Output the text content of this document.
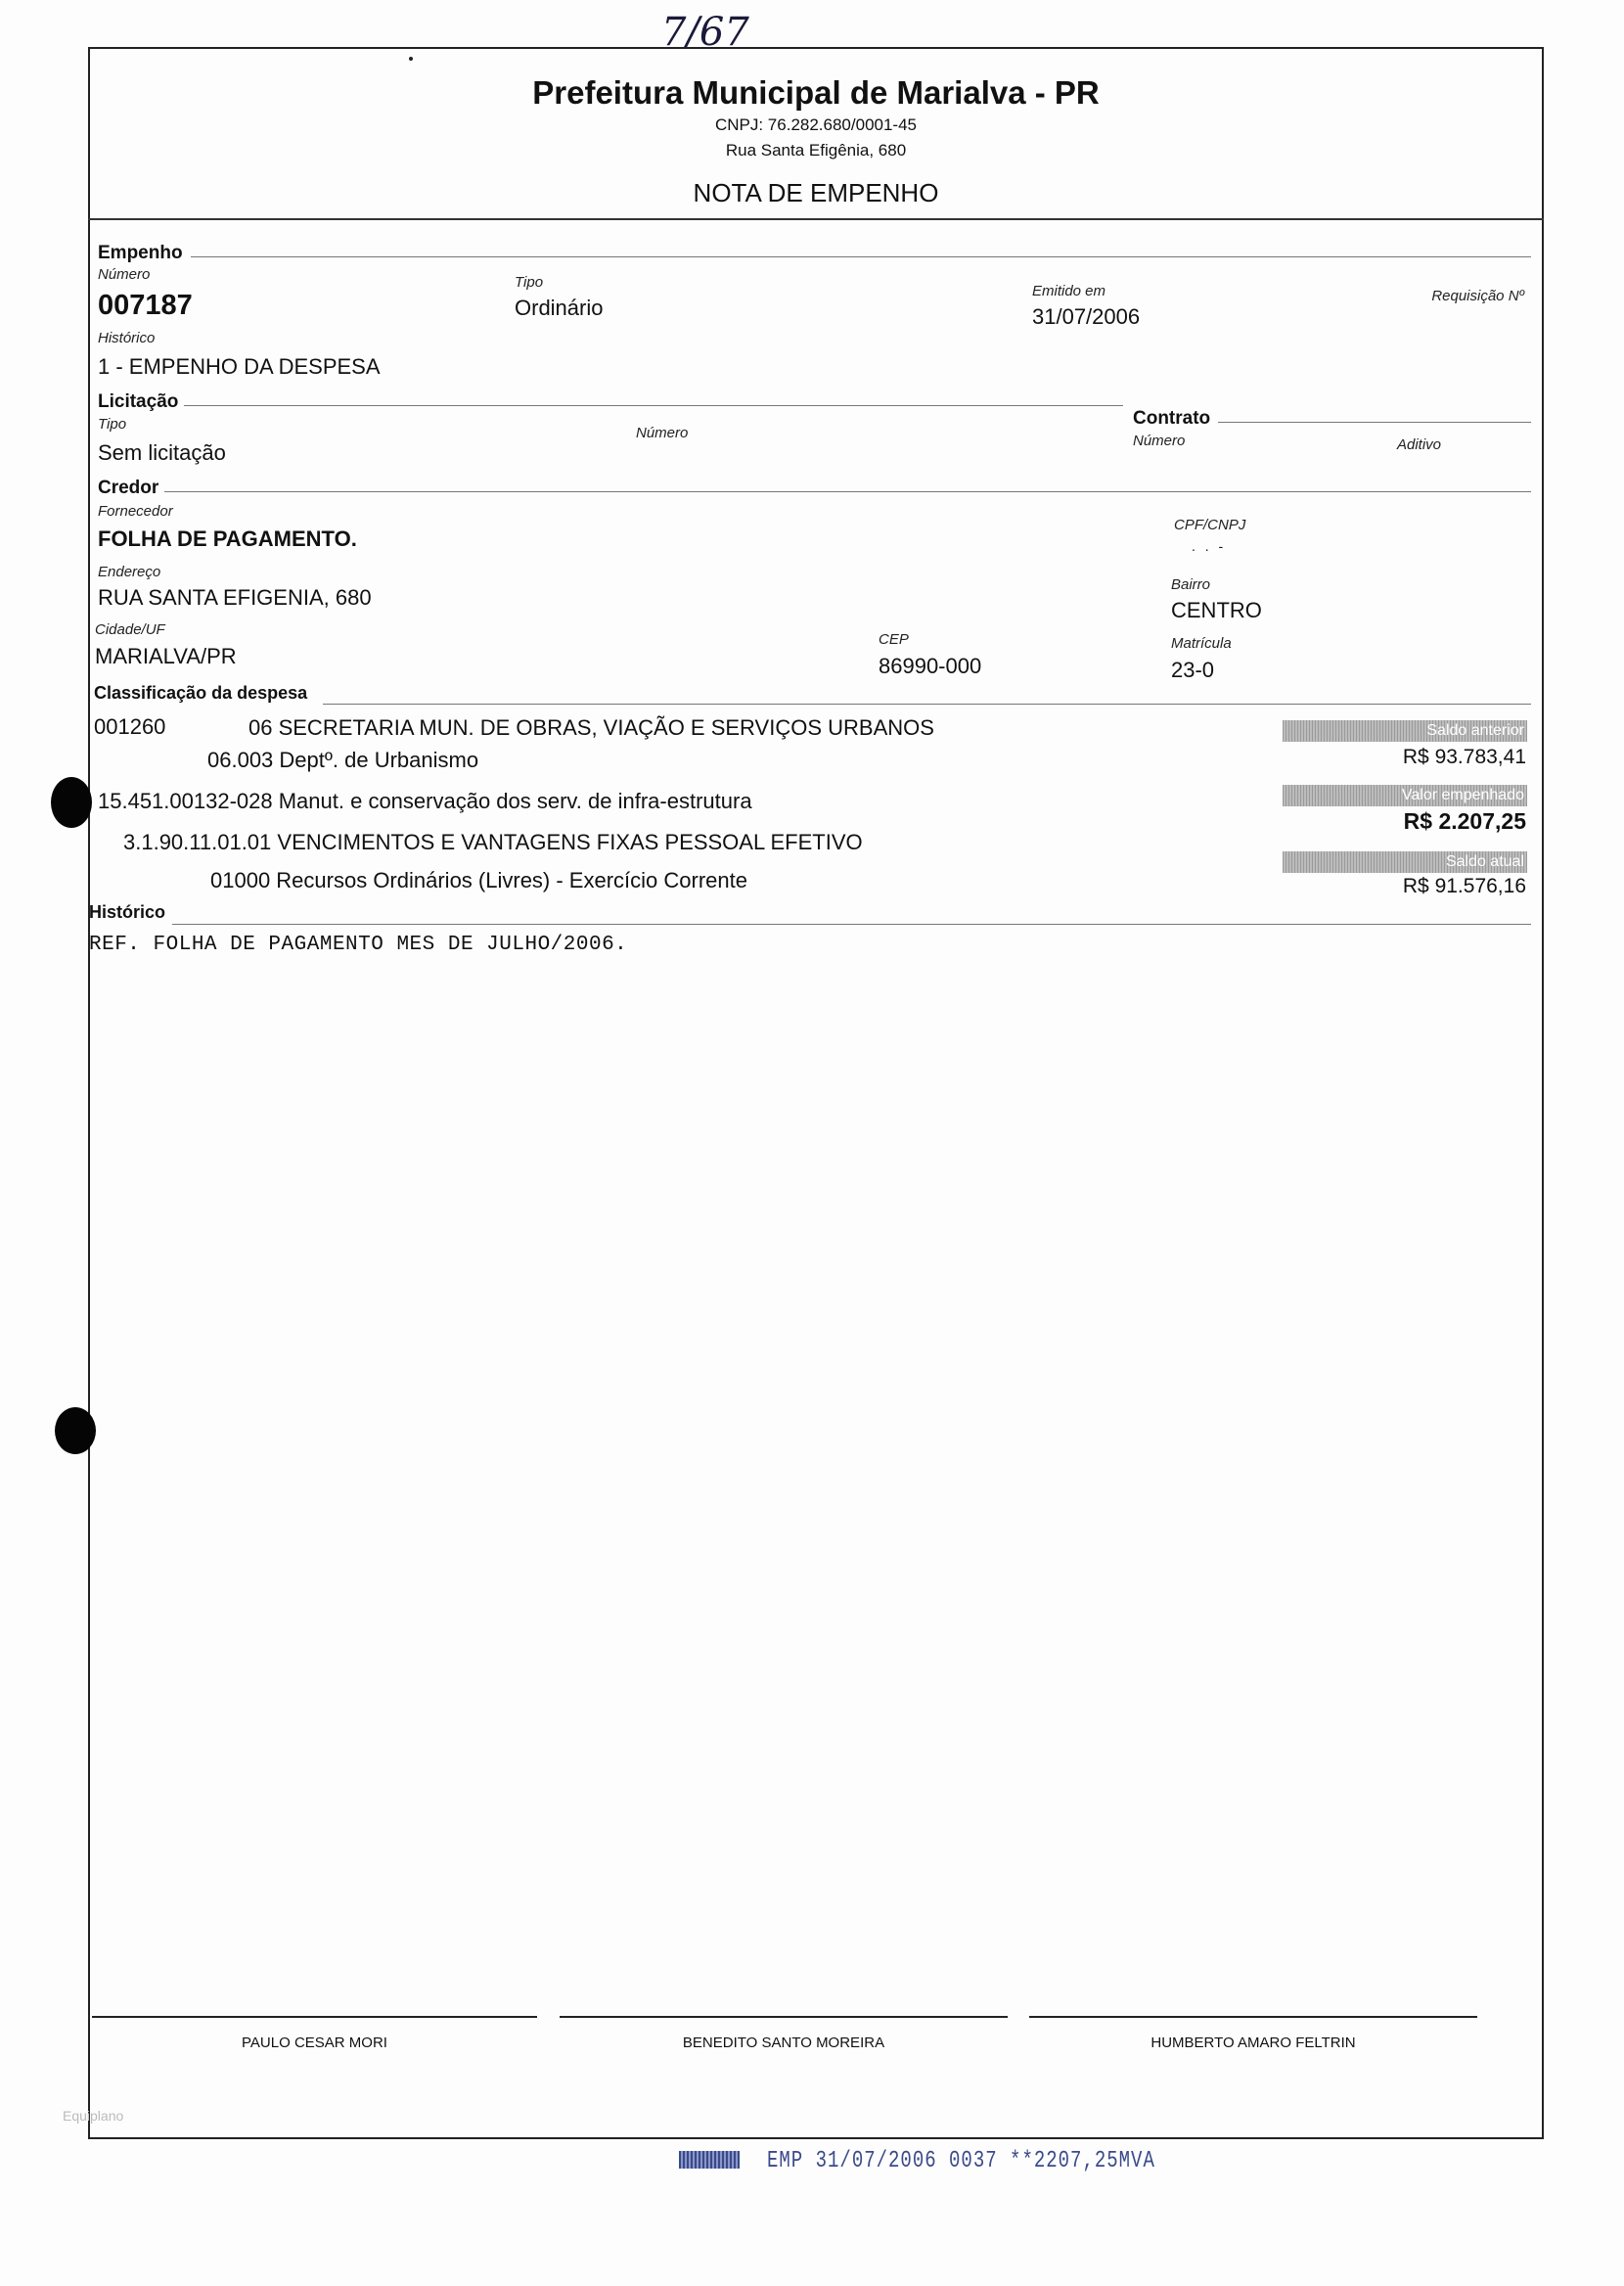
7/67
Prefeitura Municipal de Marialva - PR
CNPJ: 76.282.680/0001-45
Rua Santa Efigênia, 680
NOTA DE EMPENHO
Empenho
Número
007187
Tipo
Ordinário
Emitido em
31/07/2006
Requisição Nº
Histórico
1 - EMPENHO DA DESPESA
Licitação
Tipo
Sem licitação
Número
Contrato
Número	Aditivo
Credor
Fornecedor
FOLHA DE PAGAMENTO.
CPF/CNPJ
. . -
Endereço
RUA SANTA EFIGENIA, 680
Bairro
CENTRO
Cidade/UF
MARIALVA/PR
CEP
86990-000
Matrícula
23-0
Classificação da despesa
001260	06 SECRETARIA MUN. DE OBRAS, VIAÇÃO E SERVIÇOS URBANOS
06.003 Deptº. de Urbanismo
15.451.00132-028 Manut. e conservação dos serv. de infra-estrutura
3.1.90.11.01.01 VENCIMENTOS E VANTAGENS FIXAS PESSOAL EFETIVO
01000 Recursos Ordinários (Livres) - Exercício Corrente
Saldo anterior
R$ 93.783,41
Valor empenhado
R$ 2.207,25
Saldo atual
R$ 91.576,16
Histórico
REF. FOLHA DE PAGAMENTO MES DE JULHO/2006.
PAULO CESAR MORI	BENEDITO SANTO MOREIRA	HUMBERTO AMARO FELTRIN
Equiplano
EMP 31/07/2006 0037 **2207,25MVA
